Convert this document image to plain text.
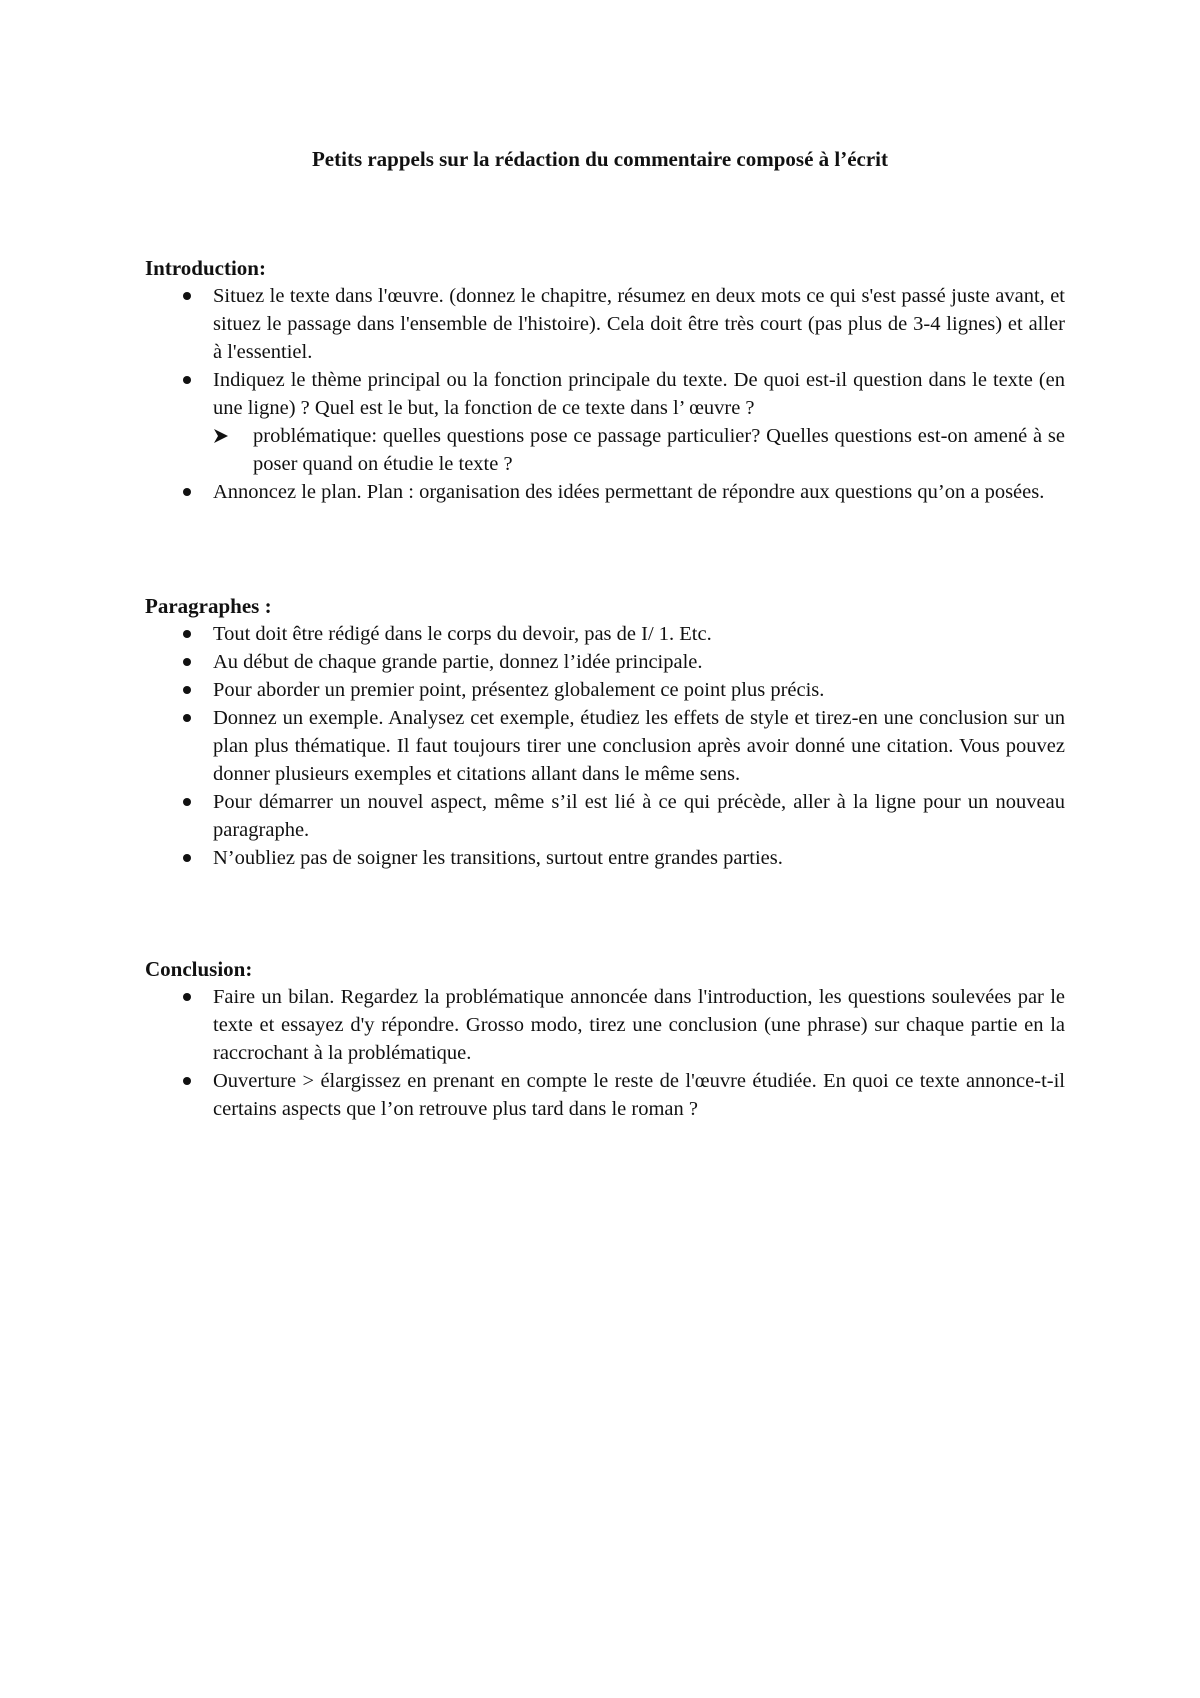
Petits rappels sur la rédaction du commentaire composé à l’écrit
Introduction:
Situez le texte dans l'œuvre. (donnez le chapitre, résumez en deux mots ce qui s'est passé juste avant, et situez le passage dans l'ensemble de l'histoire). Cela doit être très court (pas plus de 3-4 lignes) et aller à l'essentiel.
Indiquez le thème principal ou la fonction principale du texte. De quoi est-il question dans le texte (en une ligne) ? Quel est le but, la fonction de ce texte dans l’ œuvre ?
problématique: quelles questions pose ce passage particulier? Quelles questions est-on amené à se poser quand on étudie le texte ?
Annoncez le plan. Plan : organisation des idées permettant de répondre aux questions qu’on a posées.
Paragraphes :
Tout doit être rédigé dans le corps du devoir, pas de I/ 1. Etc.
Au début de chaque grande partie, donnez l’idée principale.
Pour aborder un premier point, présentez globalement ce point plus précis.
Donnez un exemple. Analysez cet exemple, étudiez les effets de style et tirez-en une conclusion sur un plan plus thématique. Il faut toujours tirer une conclusion après avoir donné une citation. Vous pouvez donner plusieurs exemples et citations allant dans le même sens.
Pour démarrer un nouvel aspect, même s’il est lié à ce qui précède, aller à la ligne pour un nouveau paragraphe.
N’oubliez pas de soigner les transitions, surtout entre grandes parties.
Conclusion:
Faire un bilan. Regardez la problématique annoncée dans l'introduction, les questions soulevées par le texte et essayez d'y répondre. Grosso modo, tirez une conclusion (une phrase) sur chaque partie en la raccrochant à la problématique.
Ouverture > élargissez en prenant en compte le reste de l'œuvre étudiée. En quoi ce texte annonce-t-il certains aspects que l’on retrouve plus tard dans le roman ?
